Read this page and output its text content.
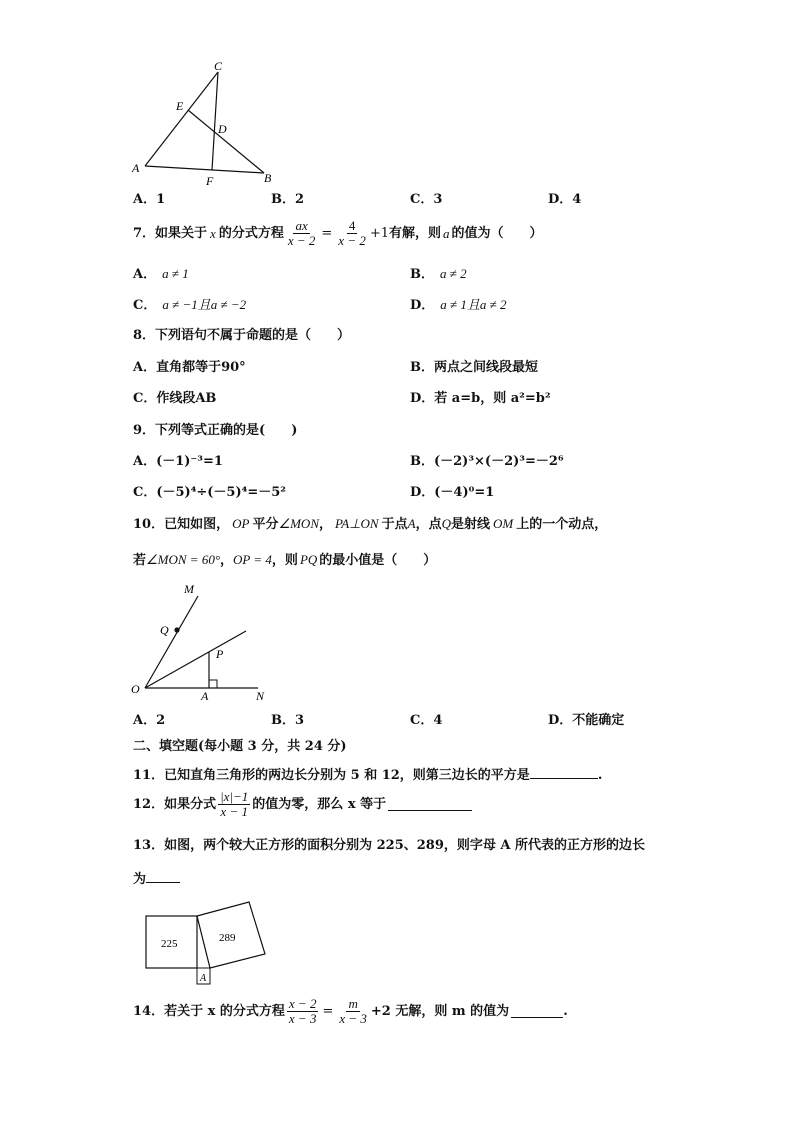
C
E
D
A
F	B
A．1	B．2	C．3	D．4
7．如果关于 x 的分式方程 $\frac{ax}{x - 2} = \frac{4}{x - 2} +1$ 有解，则 a 的值为（　　）
A． a ≠ 1	B． a ≠ 2
C． a ≠ −1且a ≠ −2	D． a ≠ 1且a ≠ 2
8．下列语句不属于命题的是（　　）
A．直角都等于90°	B．两点之间线段最短
C．作线段AB	D．若 a=b，则 a²=b²
9．下列等式正确的是(　　)
A．(－1)⁻³=1	B．(－2)³×(－2)³=－2⁶
C．(－5)⁴÷(－5)⁴=－5²	D．(－4)⁰=1
10．已知如图， OP 平分∠MON， PA⊥ON 于点A，点Q是射线 OM 上的一个动点，
若∠MON = 60°，OP = 4，则 PQ 的最小值是（　　）
M
Q
P
O	A	N
A．2	B．3	C．4	D．不能确定
二、填空题(每小题 3 分，共 24 分)
11．已知直角三角形的两边长分别为 5 和 12，则第三边长的平方是	.
12．如果分式 $\frac{|x|-1}{x - 1}$ 的值为零，那么 x 等于
13．如图，两个较大正方形的面积分别为 225、289，则字母 A 所代表的正方形的边长
为
225	289
A
14．若关于 x 的分式方程 $\frac{x - 2}{x - 3} = \frac{m}{x - 3} +2$ 无解，则 m 的值为	.
